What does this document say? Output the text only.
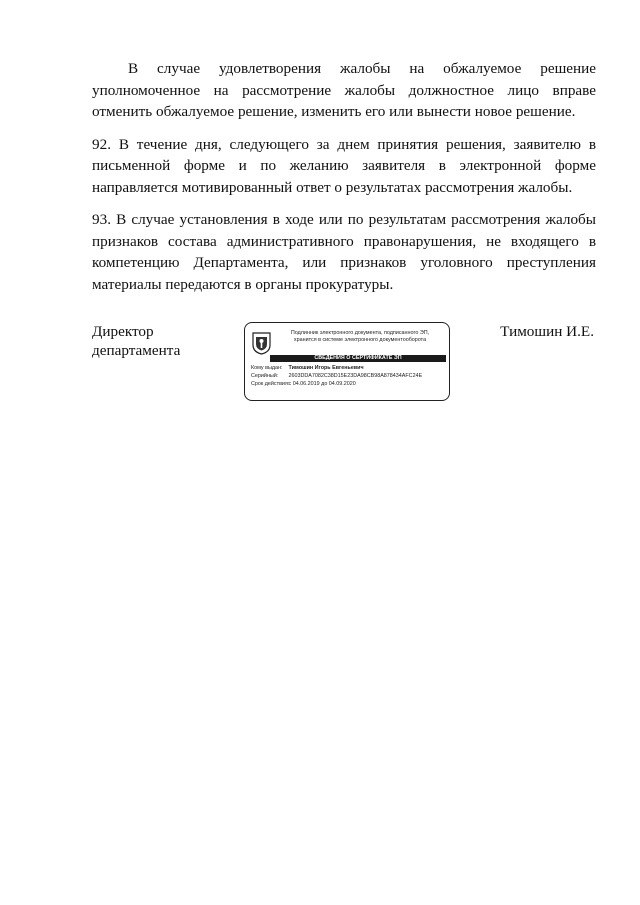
В случае удовлетворения жалобы на обжалуемое решение уполномоченное на рассмотрение жалобы должностное лицо вправе отменить обжалуемое решение, изменить его или вынести новое решение.

92. В течение дня, следующего за днем принятия решения, заявителю в письменной форме и по желанию заявителя в электронной форме направляется мотивированный ответ о результатах рассмотрения жалобы.

93. В случае установления в ходе или по результатам рассмотрения жалобы признаков состава административного правонарушения, не входящего в компетенцию Департамента, или признаков уголовного преступления материалы передаются в органы прокуратуры.

Директор
департамента
Подлинник электронного документа, подписанного ЭП,
хранится в системе электронного документооборота
СВЕДЕНИЯ О СЕРТИФИКАТЕ ЭП
Кому выдан: Тимошин Игорь Евгеньевич
Серийный: 2603DDA7082C38D15E23DA98CB98A878434AFC24E
Срок действия: с 04.06.2019 до 04.09.2020
Тимошин И.Е.
